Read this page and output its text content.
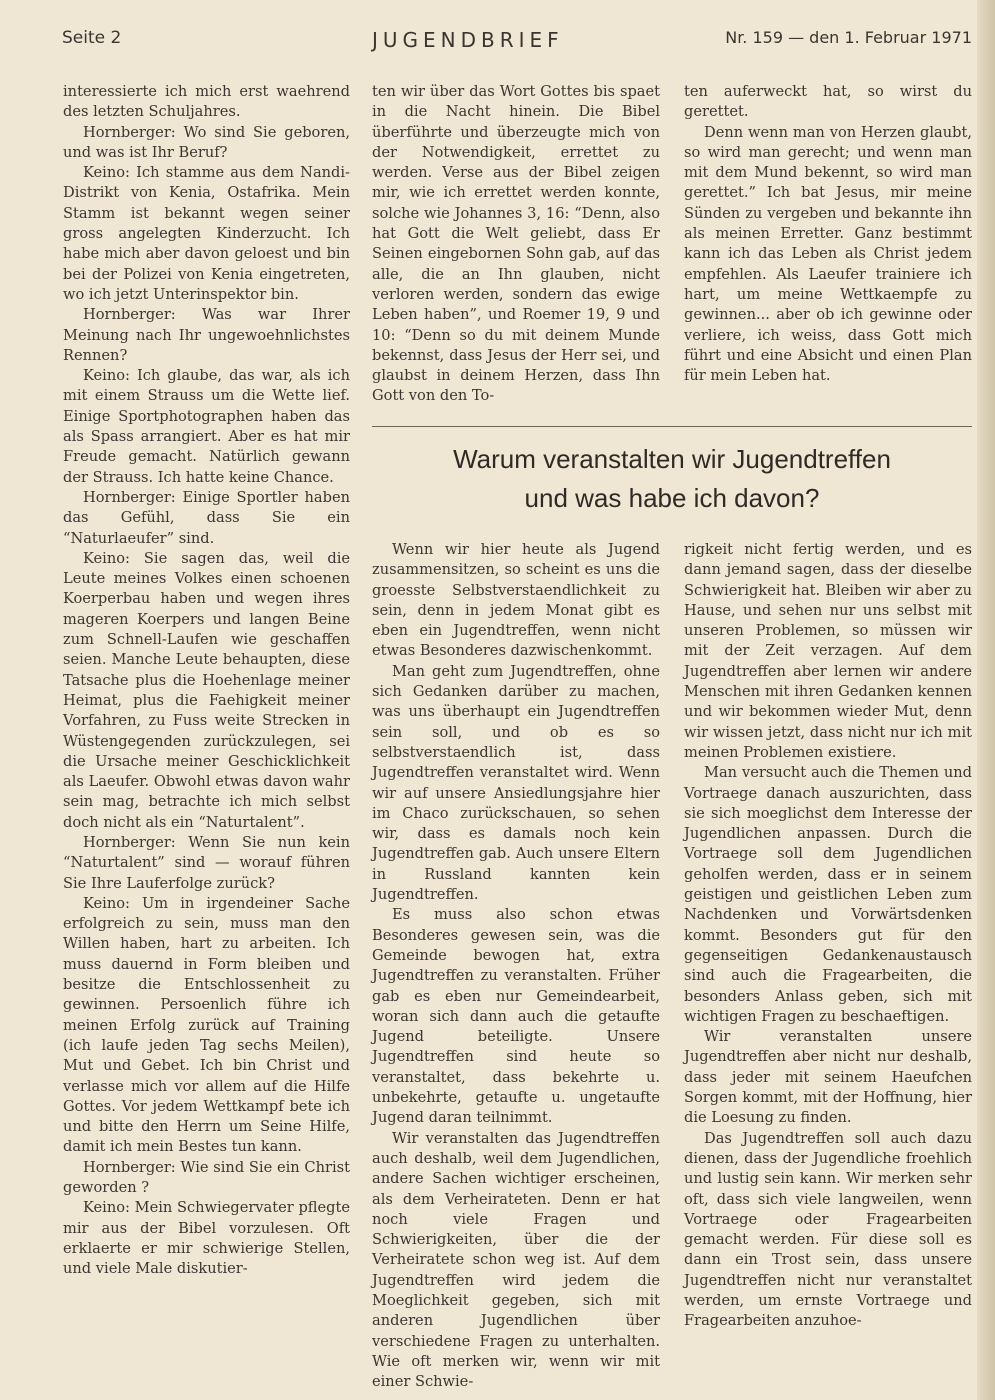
Seite 2	JUGENDBRIEF	Nr. 159 — den 1. Februar 1971

interessierte ich mich erst waehrend des letzten Schuljahres.

Hornberger: Wo sind Sie geboren, und was ist Ihr Beruf?

Keino: Ich stamme aus dem Nandi-Distrikt von Kenia, Ostafrika. Mein Stamm ist bekannt wegen seiner gross angelegten Kinderzucht. Ich habe mich aber davon geloest und bin bei der Polizei von Kenia eingetreten, wo ich jetzt Unterinspektor bin.

Hornberger: Was war Ihrer Meinung nach Ihr ungewoehnlichstes Rennen?

Keino: Ich glaube, das war, als ich mit einem Strauss um die Wette lief. Einige Sportphotographen haben das als Spass arrangiert. Aber es hat mir Freude gemacht. Natürlich gewann der Strauss. Ich hatte keine Chance.

Hornberger: Einige Sportler haben das Gefühl, dass Sie ein “Naturlaeufer” sind.

Keino: Sie sagen das, weil die Leute meines Volkes einen schoenen Koerperbau haben und wegen ihres mageren Koerpers und langen Beine zum Schnell-Laufen wie geschaffen seien. Manche Leute behaupten, diese Tatsache plus die Hoehenlage meiner Heimat, plus die Faehigkeit meiner Vorfahren, zu Fuss weite Strecken in Wüstengegenden zurückzulegen, sei die Ursache meiner Geschicklichkeit als Laeufer. Obwohl etwas davon wahr sein mag, betrachte ich mich selbst doch nicht als ein “Naturtalent”.

Hornberger: Wenn Sie nun kein “Naturtalent” sind — worauf führen Sie Ihre Lauferfolge zurück?

Keino: Um in irgendeiner Sache erfolgreich zu sein, muss man den Willen haben, hart zu arbeiten. Ich muss dauernd in Form bleiben und besitze die Entschlossenheit zu gewinnen. Persoenlich führe ich meinen Erfolg zurück auf Training (ich laufe jeden Tag sechs Meilen), Mut und Gebet. Ich bin Christ und verlasse mich vor allem auf die Hilfe Gottes. Vor jedem Wettkampf bete ich und bitte den Herrn um Seine Hilfe, damit ich mein Bestes tun kann.

Hornberger: Wie sind Sie ein Christ geworden ?

Keino: Mein Schwiegervater pflegte mir aus der Bibel vorzulesen. Oft erklaerte er mir schwierige Stellen, und viele Male diskutier-

ten wir über das Wort Gottes bis spaet in die Nacht hinein. Die Bibel überführte und überzeugte mich von der Notwendigkeit, errettet zu werden. Verse aus der Bibel zeigen mir, wie ich errettet werden konnte, solche wie Johannes 3, 16: “Denn, also hat Gott die Welt geliebt, dass Er Seinen eingebornen Sohn gab, auf das alle, die an Ihn glauben, nicht verloren werden, sondern das ewige Leben haben”, und Roemer 19, 9 und 10: “Denn so du mit deinem Munde bekennst, dass Jesus der Herr sei, und glaubst in deinem Herzen, dass Ihn Gott von den To-

ten auferweckt hat, so wirst du gerettet.

Denn wenn man von Herzen glaubt, so wird man gerecht; und wenn man mit dem Mund bekennt, so wird man gerettet.” Ich bat Jesus, mir meine Sünden zu vergeben und bekannte ihn als meinen Erretter. Ganz bestimmt kann ich das Leben als Christ jedem empfehlen. Als Laeufer trainiere ich hart, um meine Wettkaempfe zu gewinnen... aber ob ich gewinne oder verliere, ich weiss, dass Gott mich führt und eine Absicht und einen Plan für mein Leben hat.

Warum veranstalten wir Jugendtreffen
und was habe ich davon?

Wenn wir hier heute als Jugend zusammensitzen, so scheint es uns die groesste Selbstverstaendlichkeit zu sein, denn in jedem Monat gibt es eben ein Jugendtreffen, wenn nicht etwas Besonderes dazwischenkommt.

Man geht zum Jugendtreffen, ohne sich Gedanken darüber zu machen, was uns überhaupt ein Jugendtreffen sein soll, und ob es so selbstverstaendlich ist, dass Jugendtreffen veranstaltet wird. Wenn wir auf unsere Ansiedlungsjahre hier im Chaco zurückschauen, so sehen wir, dass es damals noch kein Jugendtreffen gab. Auch unsere Eltern in Russland kannten kein Jugendtreffen.

Es muss also schon etwas Besonderes gewesen sein, was die Gemeinde bewogen hat, extra Jugendtreffen zu veranstalten. Früher gab es eben nur Gemeindearbeit, woran sich dann auch die getaufte Jugend beteiligte. Unsere Jugendtreffen sind heute so veranstaltet, dass bekehrte u. unbekehrte, getaufte u. ungetaufte Jugend daran teilnimmt.

Wir veranstalten das Jugendtreffen auch deshalb, weil dem Jugendlichen, andere Sachen wichtiger erscheinen, als dem Verheirateten. Denn er hat noch viele Fragen und Schwierigkeiten, über die der Verheiratete schon weg ist. Auf dem Jugendtreffen wird jedem die Moeglichkeit gegeben, sich mit anderen Jugendlichen über verschiedene Fragen zu unterhalten. Wie oft merken wir, wenn wir mit einer Schwie-

rigkeit nicht fertig werden, und es dann jemand sagen, dass der dieselbe Schwierigkeit hat. Bleiben wir aber zu Hause, und sehen nur uns selbst mit unseren Problemen, so müssen wir mit der Zeit verzagen. Auf dem Jugendtreffen aber lernen wir andere Menschen mit ihren Gedanken kennen und wir bekommen wieder Mut, denn wir wissen jetzt, dass nicht nur ich mit meinen Problemen existiere.

Man versucht auch die Themen und Vortraege danach auszurichten, dass sie sich moeglichst dem Interesse der Jugendlichen anpassen. Durch die Vortraege soll dem Jugendlichen geholfen werden, dass er in seinem geistigen und geistlichen Leben zum Nachdenken und Vorwärtsdenken kommt. Besonders gut für den gegenseitigen Gedankenaustausch sind auch die Fragearbeiten, die besonders Anlass geben, sich mit wichtigen Fragen zu beschaeftigen.

Wir veranstalten unsere Jugendtreffen aber nicht nur deshalb, dass jeder mit seinem Haeufchen Sorgen kommt, mit der Hoffnung, hier die Loesung zu finden.

Das Jugendtreffen soll auch dazu dienen, dass der Jugendliche froehlich und lustig sein kann. Wir merken sehr oft, dass sich viele langweilen, wenn Vortraege oder Fragearbeiten gemacht werden. Für diese soll es dann ein Trost sein, dass unsere Jugendtreffen nicht nur veranstaltet werden, um ernste Vortraege und Fragearbeiten anzuhoe-
